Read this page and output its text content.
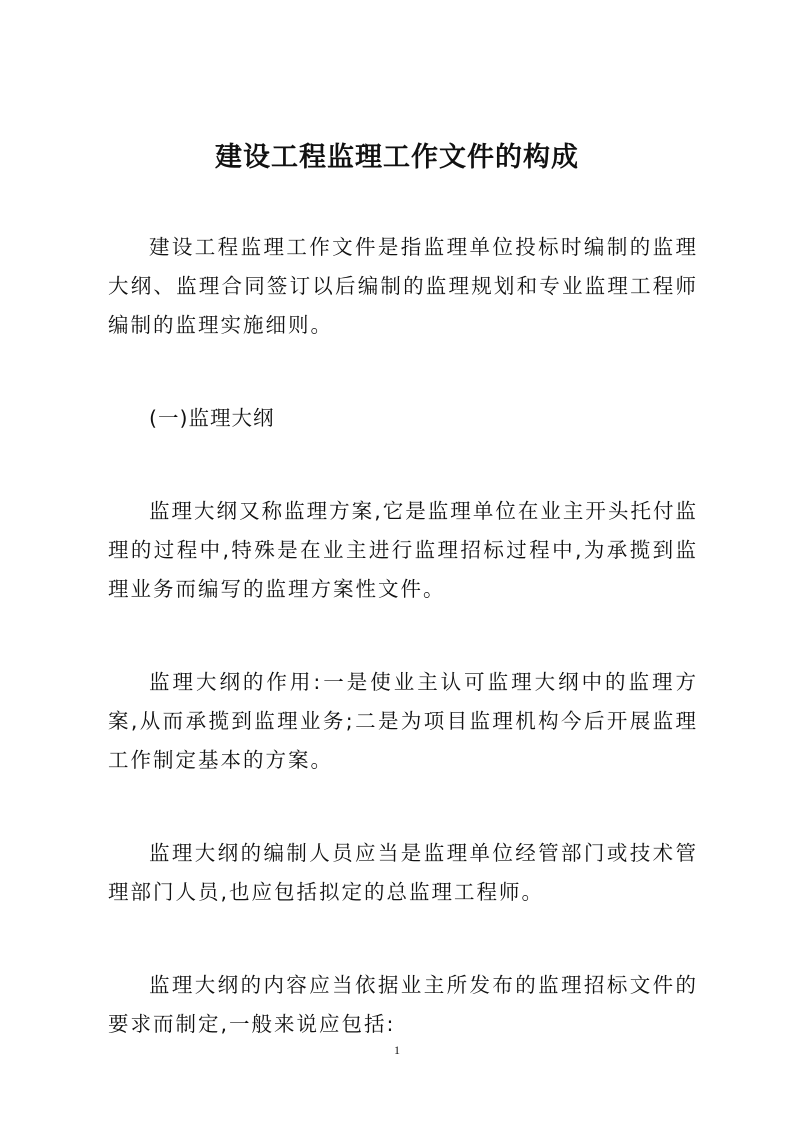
建设工程监理工作文件的构成

建设工程监理工作文件是指监理单位投标时编制的监理大纲、监理合同签订以后编制的监理规划和专业监理工程师编制的监理实施细则。

(一)监理大纲

监理大纲又称监理方案,它是监理单位在业主开头托付监理的过程中,特殊是在业主进行监理招标过程中,为承揽到监理业务而编写的监理方案性文件。

监理大纲的作用:一是使业主认可监理大纲中的监理方案,从而承揽到监理业务;二是为项目监理机构今后开展监理工作制定基本的方案。

监理大纲的编制人员应当是监理单位经管部门或技术管理部门人员,也应包括拟定的总监理工程师。

监理大纲的内容应当依据业主所发布的监理招标文件的要求而制定,一般来说应包括:

1
